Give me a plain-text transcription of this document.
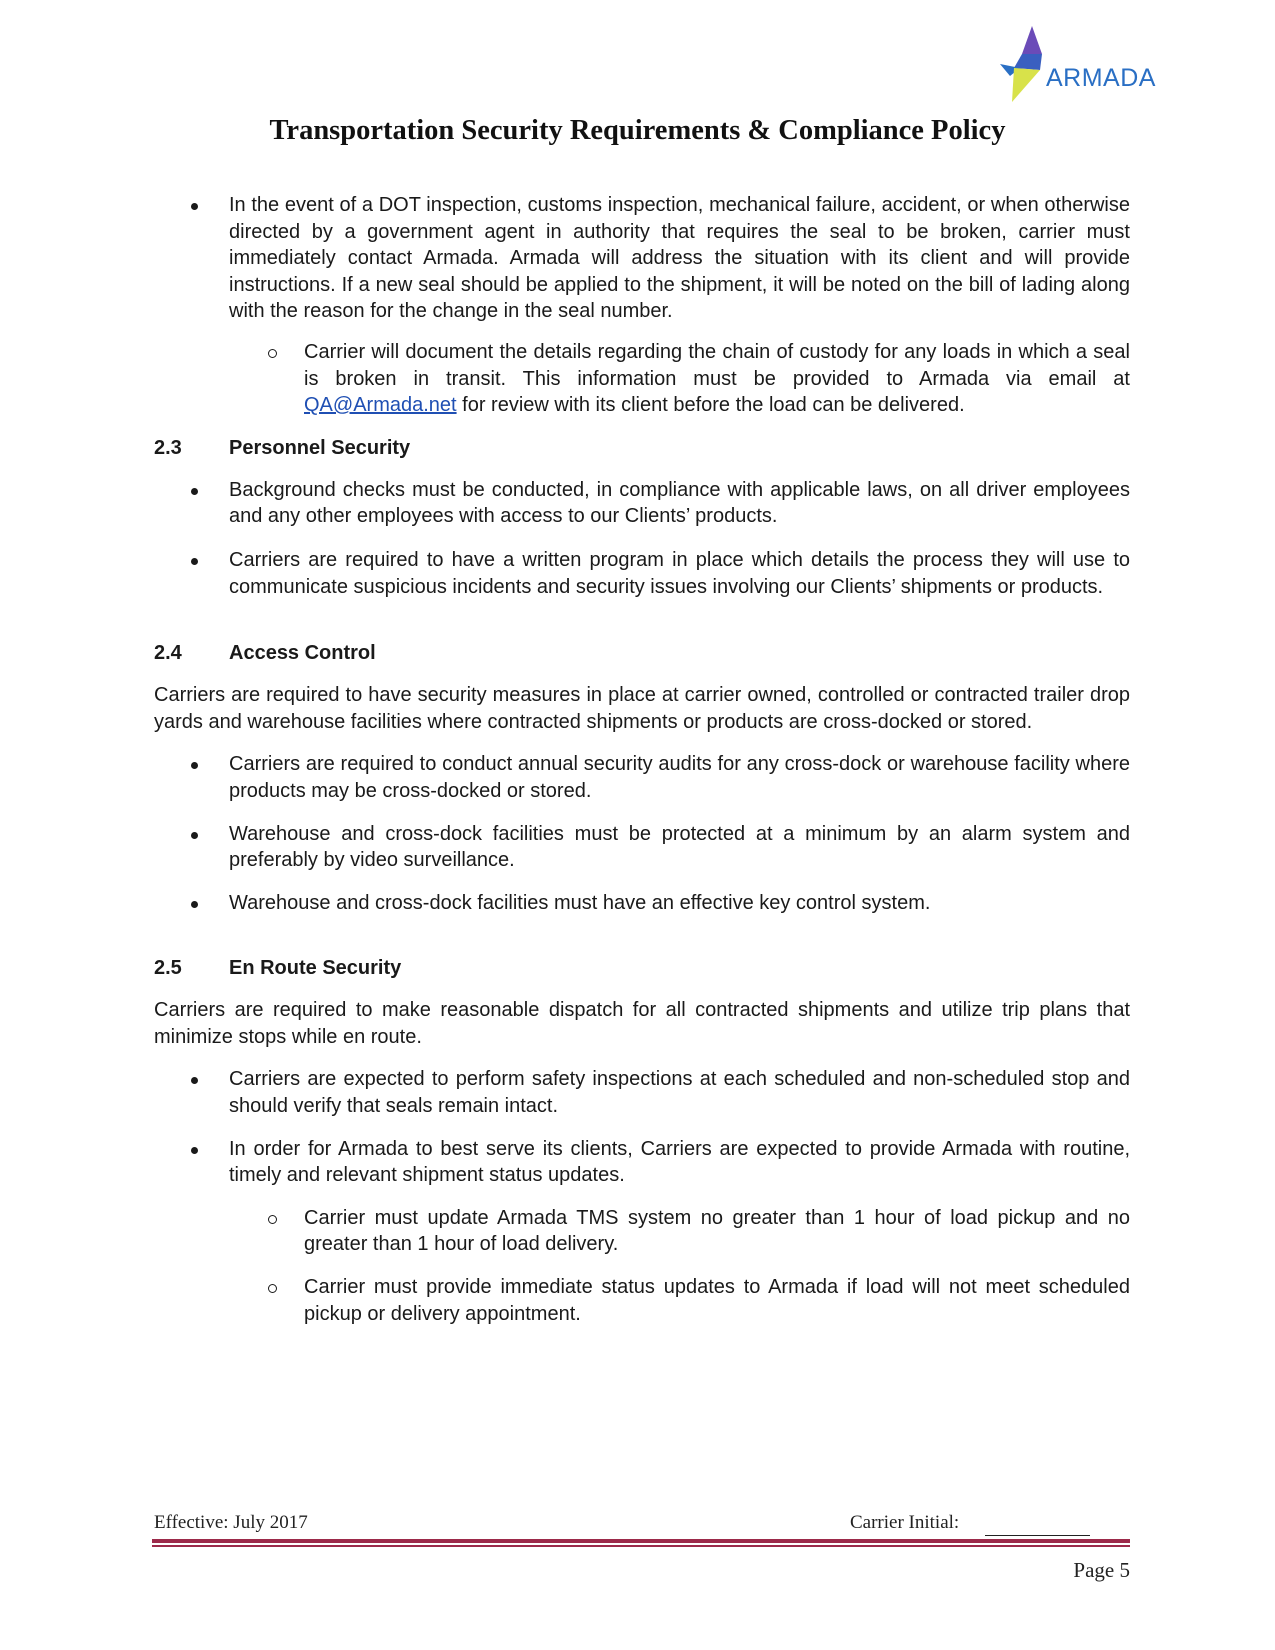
ARMADA
Transportation Security Requirements & Compliance Policy

In the event of a DOT inspection, customs inspection, mechanical failure, accident, or when otherwise directed by a government agent in authority that requires the seal to be broken, carrier must immediately contact Armada. Armada will address the situation with its client and will provide instructions. If a new seal should be applied to the shipment, it will be noted on the bill of lading along with the reason for the change in the seal number.

Carrier will document the details regarding the chain of custody for any loads in which a seal is broken in transit. This information must be provided to Armada via email at QA@Armada.net for review with its client before the load can be delivered.

2.3	Personnel Security

Background checks must be conducted, in compliance with applicable laws, on all driver employees and any other employees with access to our Clients’ products.

Carriers are required to have a written program in place which details the process they will use to communicate suspicious incidents and security issues involving our Clients’ shipments or products.

2.4	Access Control

Carriers are required to have security measures in place at carrier owned, controlled or contracted trailer drop yards and warehouse facilities where contracted shipments or products are cross-docked or stored.

Carriers are required to conduct annual security audits for any cross-dock or warehouse facility where products may be cross-docked or stored.

Warehouse and cross-dock facilities must be protected at a minimum by an alarm system and preferably by video surveillance.

Warehouse and cross-dock facilities must have an effective key control system.

2.5	En Route Security

Carriers are required to make reasonable dispatch for all contracted shipments and utilize trip plans that minimize stops while en route.

Carriers are expected to perform safety inspections at each scheduled and non-scheduled stop and should verify that seals remain intact.

In order for Armada to best serve its clients, Carriers are expected to provide Armada with routine, timely and relevant shipment status updates.

Carrier must update Armada TMS system no greater than 1 hour of load pickup and no greater than 1 hour of load delivery.

Carrier must provide immediate status updates to Armada if load will not meet scheduled pickup or delivery appointment.

Effective: July 2017	Carrier Initial:
Page 5
